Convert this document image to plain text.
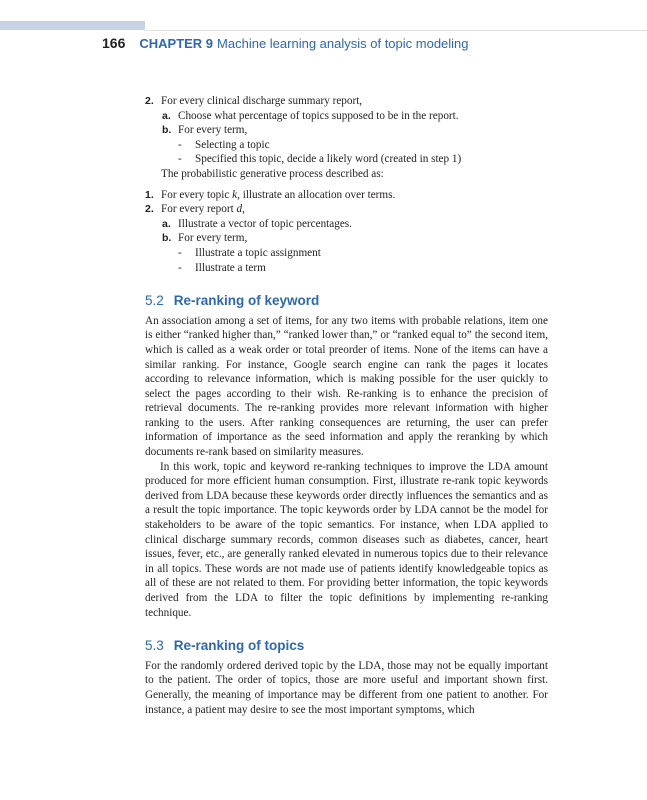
166 CHAPTER 9 Machine learning analysis of topic modeling
2. For every clinical discharge summary report,
a. Choose what percentage of topics supposed to be in the report.
b. For every term,
- Selecting a topic
- Specified this topic, decide a likely word (created in step 1)
The probabilistic generative process described as:
1. For every topic k, illustrate an allocation over terms.
2. For every report d,
a. Illustrate a vector of topic percentages.
b. For every term,
- Illustrate a topic assignment
- Illustrate a term
5.2 Re-ranking of keyword

An association among a set of items, for any two items with probable relations, item one is either “ranked higher than,” “ranked lower than,” or “ranked equal to” the second item, which is called as a weak order or total preorder of items. None of the items can have a similar ranking. For instance, Google search engine can rank the pages it locates according to relevance information, which is making possible for the user quickly to select the pages according to their wish. Re-ranking is to enhance the precision of retrieval documents. The re-ranking provides more relevant information with higher ranking to the users. After ranking consequences are returning, the user can prefer information of importance as the seed information and apply the reranking by which documents re-rank based on similarity measures.

In this work, topic and keyword re-ranking techniques to improve the LDA amount produced for more efficient human consumption. First, illustrate re-rank topic keywords derived from LDA because these keywords order directly influences the semantics and as a result the topic importance. The topic keywords order by LDA cannot be the model for stakeholders to be aware of the topic semantics. For instance, when LDA applied to clinical discharge summary records, common diseases such as diabetes, cancer, heart issues, fever, etc., are generally ranked elevated in numerous topics due to their relevance in all topics. These words are not made use of patients identify knowledgeable topics as all of these are not related to them. For providing better information, the topic keywords derived from the LDA to filter the topic definitions by implementing re-ranking technique.

5.3 Re-ranking of topics

For the randomly ordered derived topic by the LDA, those may not be equally important to the patient. The order of topics, those are more useful and important shown first. Generally, the meaning of importance may be different from one patient to another. For instance, a patient may desire to see the most important symptoms, which
